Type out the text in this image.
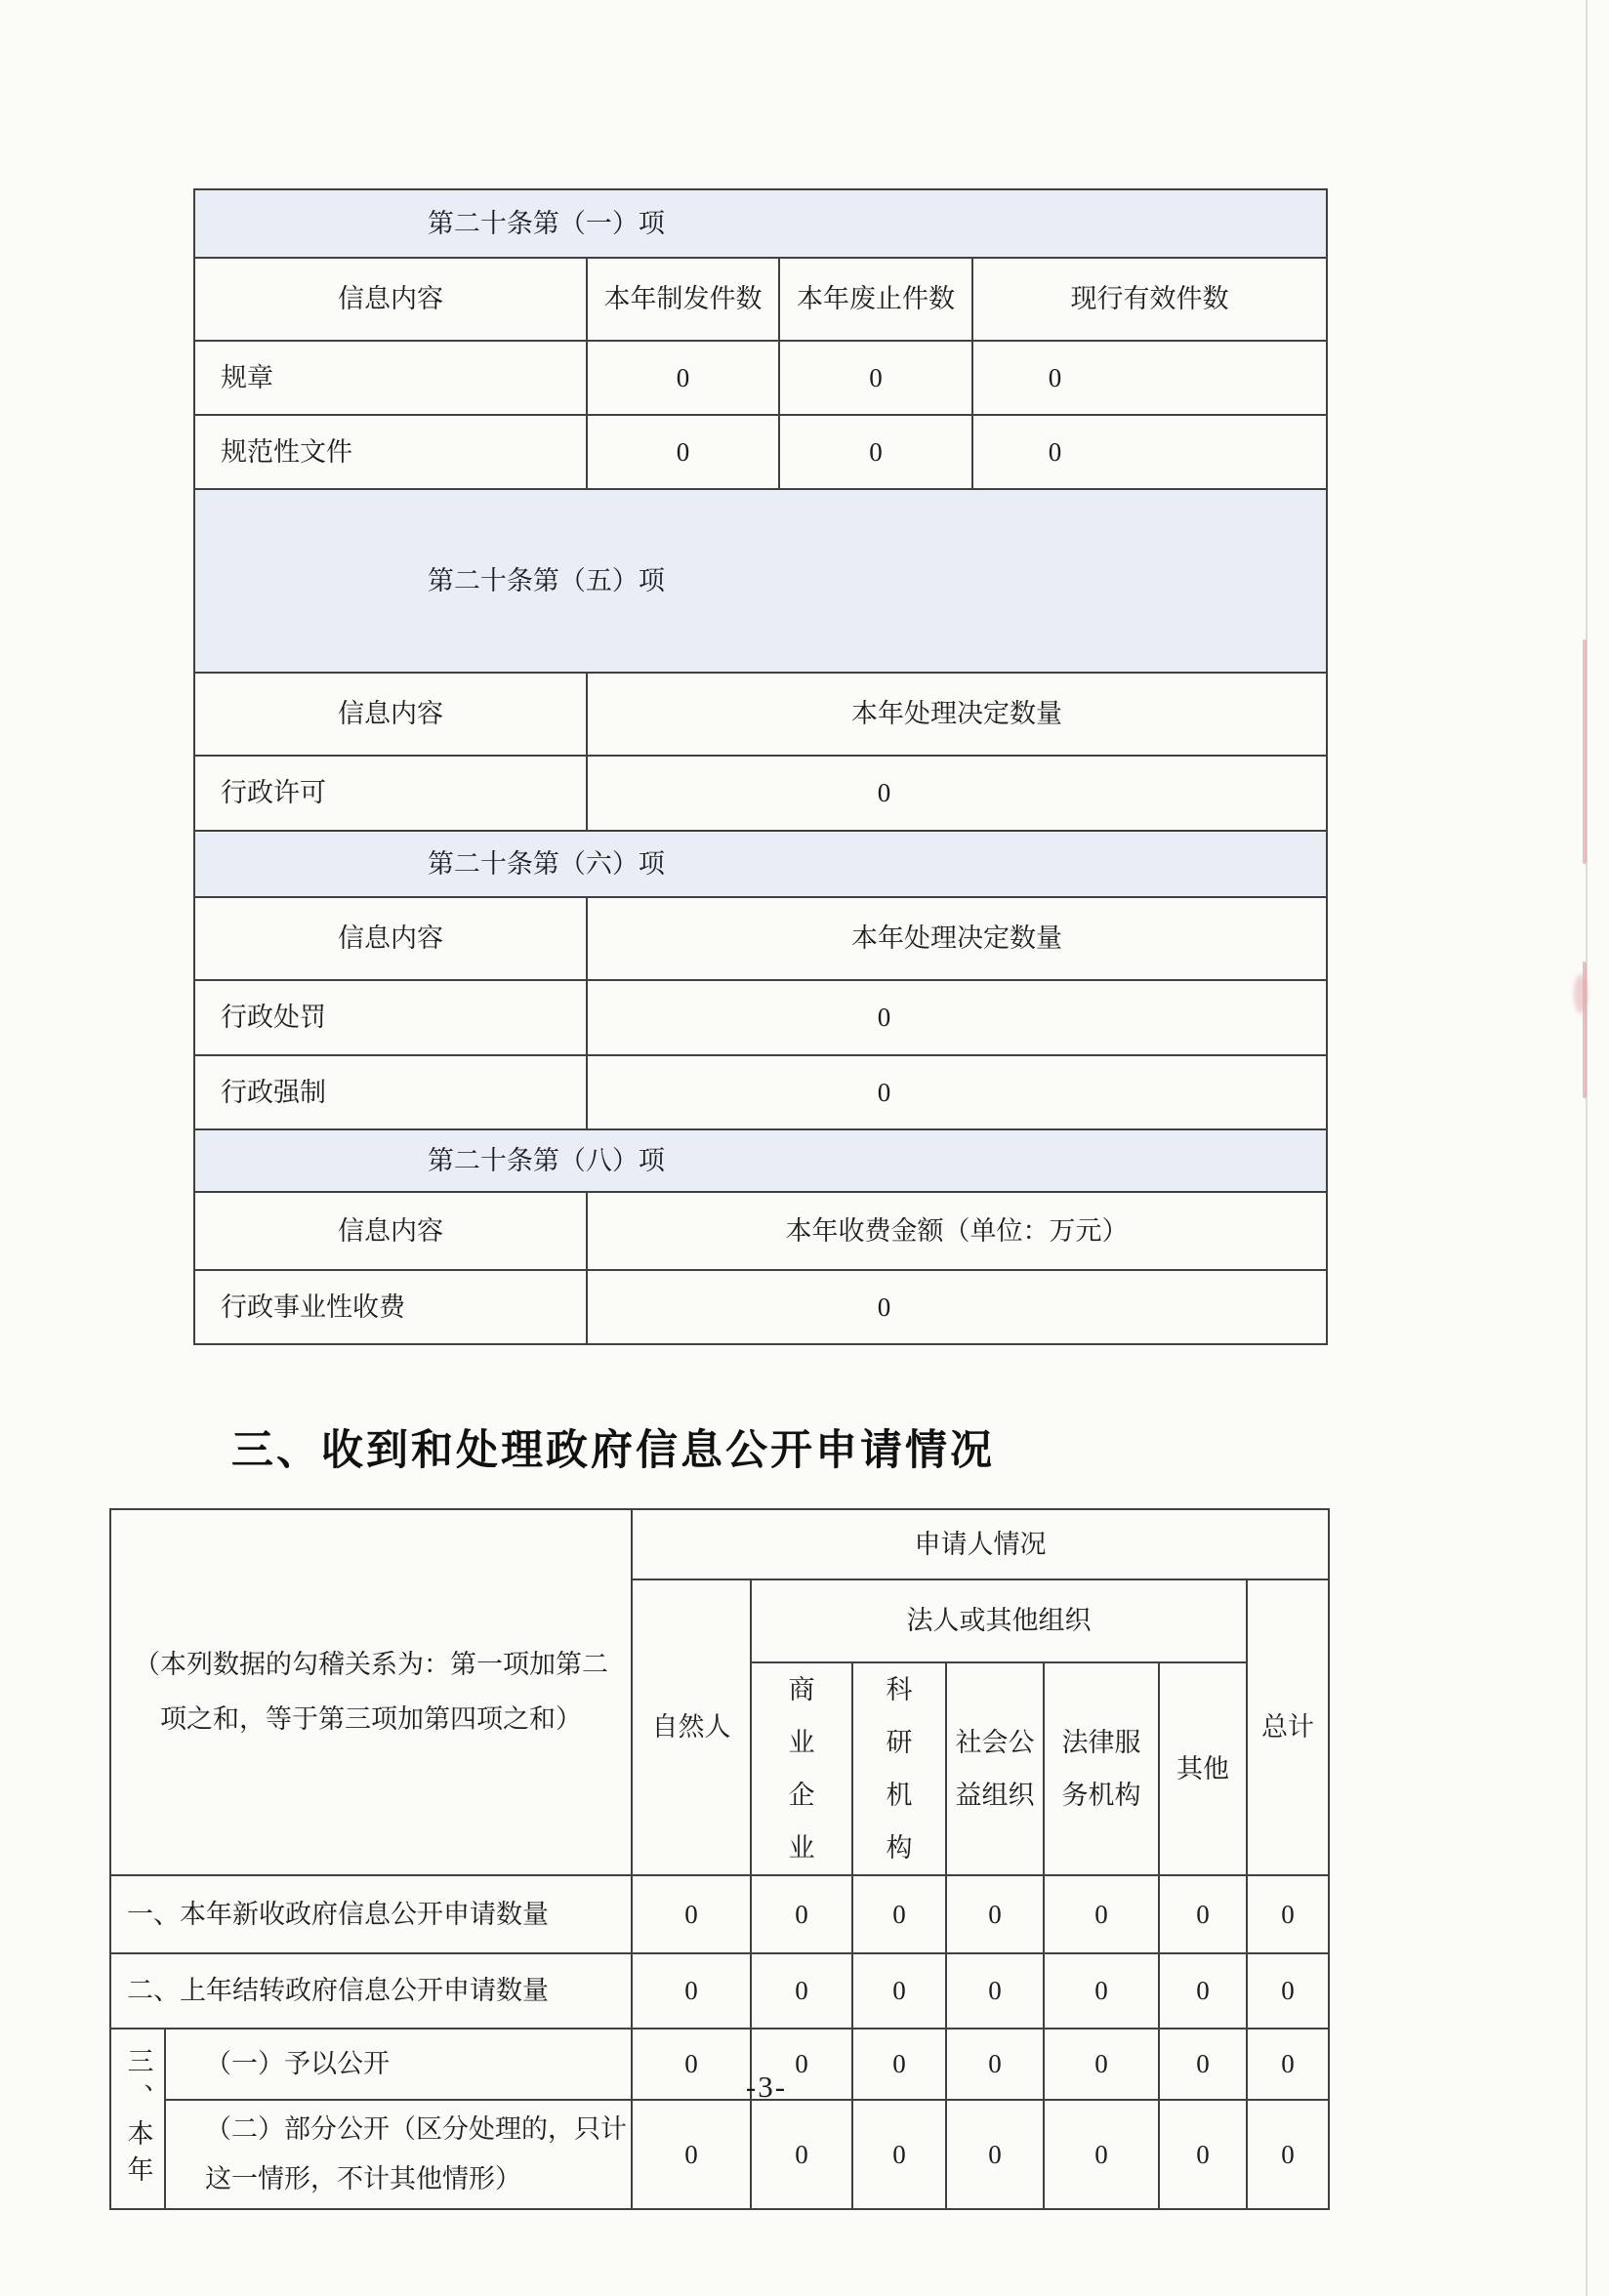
第二十条第（一）项			

信息内容	本年制发件数	本年废止件数	现行有效件数
规章	0	0	0
规范性文件	0	0	0

第二十条第（五）项			

信息内容	本年处理决定数量		
行政许可	0		

第二十条第（六）项			

信息内容	本年处理决定数量		
行政处罚	0		
行政强制	0		

第二十条第（八）项			

信息内容	本年收费金额（单位：万元）		
行政事业性收费	0		
三、收到和处理政府信息公开申请情况
（本列数据的勾稽关系为：第一项加第二项之和，等于第三项加第四项之和）		申请人情况						
		自然人	法人或其他组织					总计
			商业企业	科研机构	社会公益组织	法律服务机构	其他	
一、本年新收政府信息公开申请数量		0	0	0	0	0	0	0
二、上年结转政府信息公开申请数量		0	0	0	0	0	0	0

三、本年	（一）予以公开	0	0	0	0	0	0	0
	（二）部分公开（区分处理的，只计这一情形，不计其他情形）	0	0	0	0	0	0	0
-3-
